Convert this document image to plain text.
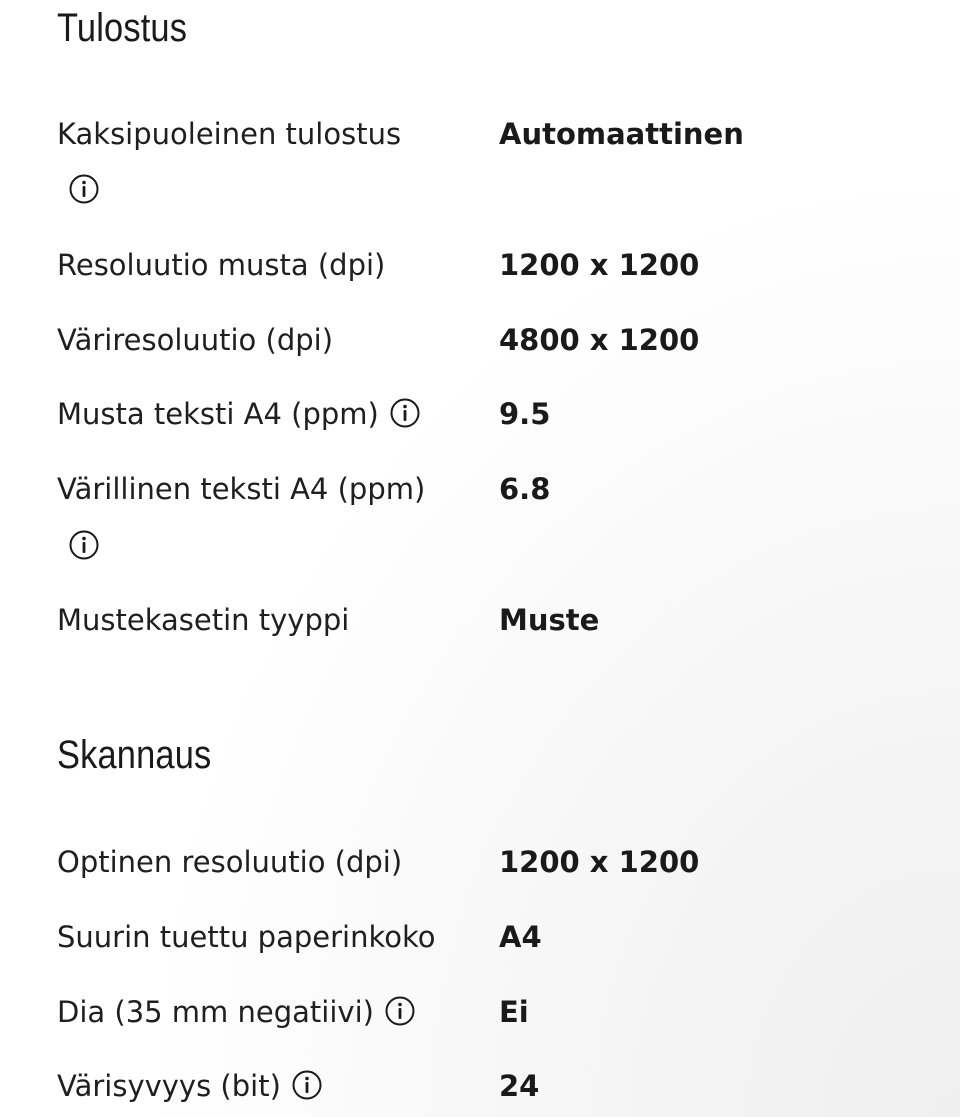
Tulostus
Kaksipuoleinen tulostus	Automaattinen
Resoluutio musta (dpi)	1200 x 1200
Väriresoluutio (dpi)	4800 x 1200
Musta teksti A4 (ppm)	9.5
Värillinen teksti A4 (ppm)	6.8
Mustekasetin tyyppi	Muste
Skannaus
Optinen resoluutio (dpi)	1200 x 1200
Suurin tuettu paperinkoko	A4
Dia (35 mm negatiivi)	Ei
Värisyvyys (bit)	24
